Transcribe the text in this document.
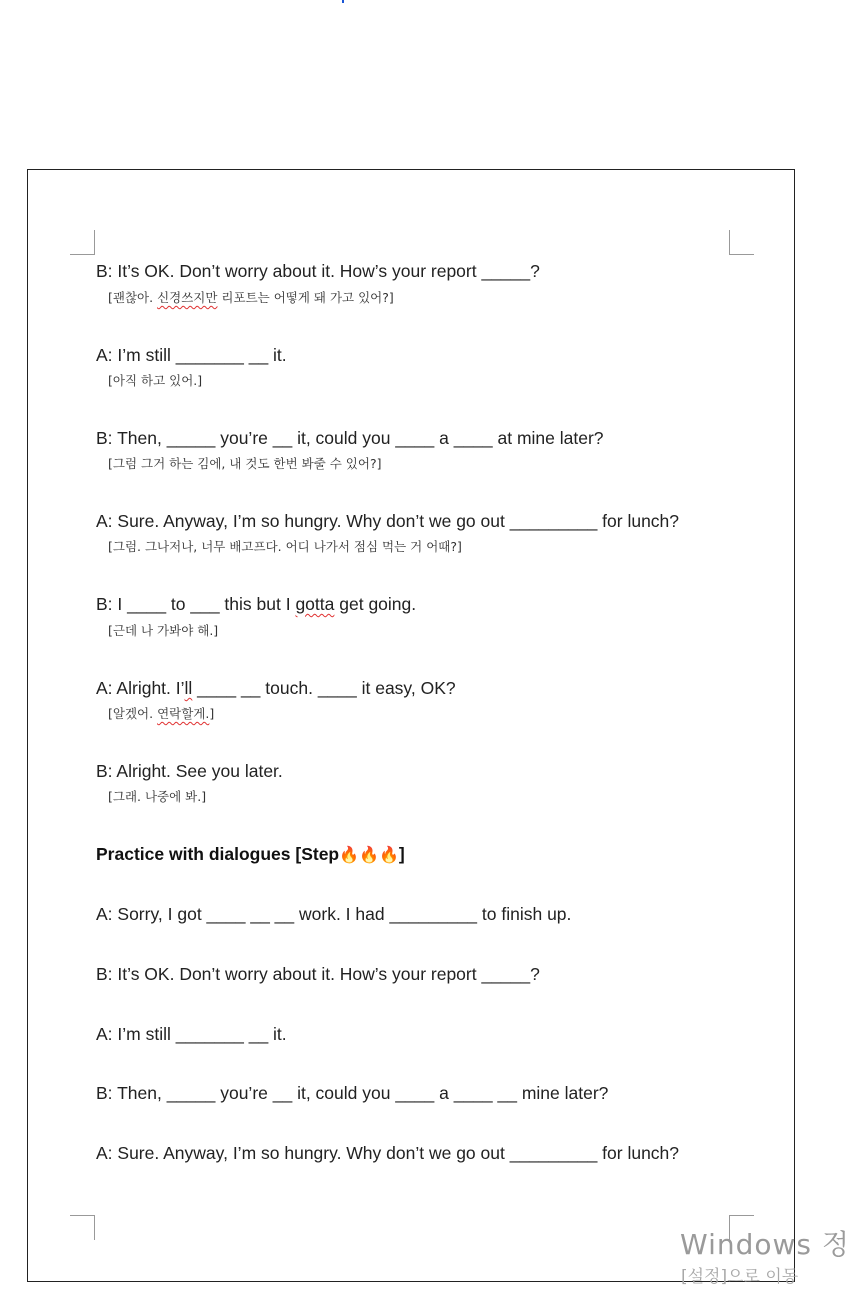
B: It’s OK. Don’t worry about it. How’s your report _____?
[괜찮아. 신경쓰지만 리포트는 어떻게 돼 가고 있어?]
A: I’m still _______ __ it.
[아직 하고 있어.]
B: Then, _____ you’re __ it, could you ____ a ____ at mine later?
[그럼 그거 하는 김에, 내 것도 한번 봐줄 수 있어?]
A: Sure. Anyway, I’m so hungry. Why don’t we go out _________ for lunch?
[그럼. 그나저나, 너무 배고프다. 어디 나가서 점심 먹는 거 어때?]
B: I ____ to ___ this but I gotta get going.
[근데 나 가봐야 해.]
A: Alright. I’ll ____ __ touch. ____ it easy, OK?
[알겠어. 연락할게.]
B: Alright. See you later.
[그래. 나중에 봐.]
Practice with dialogues [Step🔥🔥🔥]
A: Sorry, I got ____ __ __ work. I had _________ to finish up.
B: It’s OK. Don’t worry about it. How’s your report _____?
A: I’m still _______ __ it.
B: Then, _____ you’re __ it, could you ____ a ____ __ mine later?
A: Sure. Anyway, I’m so hungry. Why don’t we go out _________ for lunch?
Windows 정
[설정]으로 이동
